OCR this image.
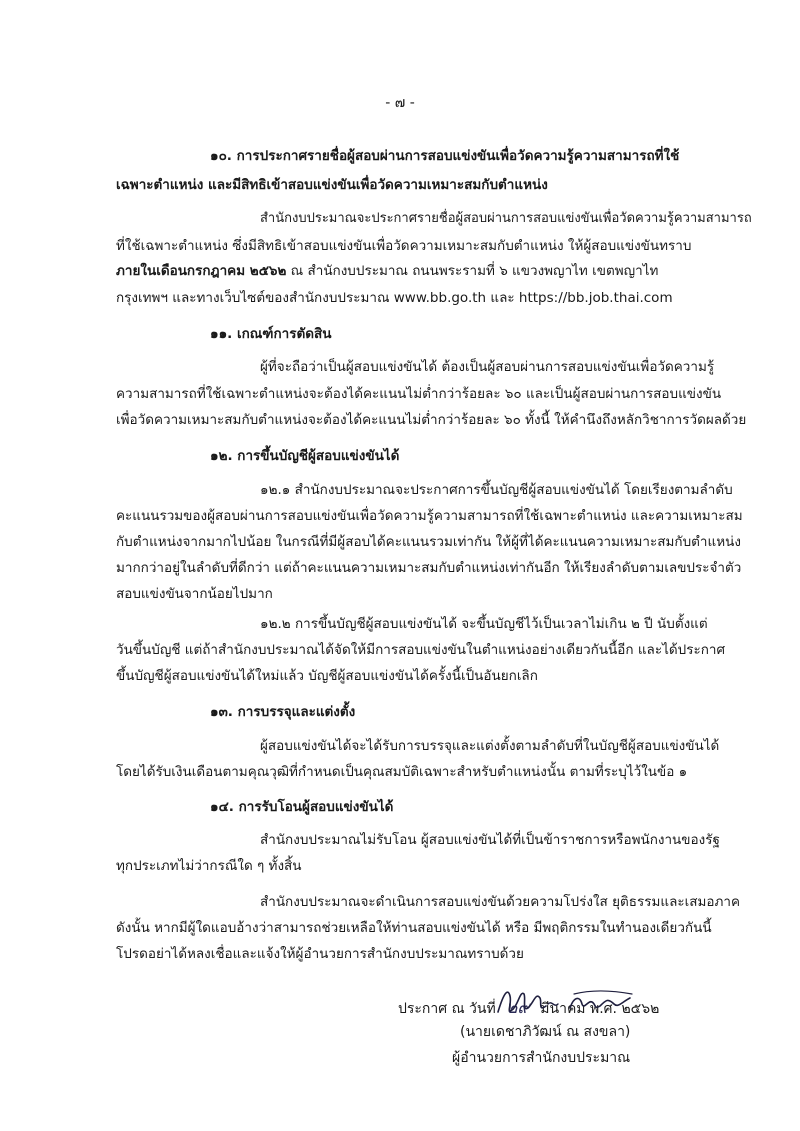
- ๗ -
๑๐. การประกาศรายชื่อผู้สอบผ่านการสอบแข่งขันเพื่อวัดความรู้ความสามารถที่ใช้
เฉพาะตำแหน่ง และมีสิทธิเข้าสอบแข่งขันเพื่อวัดความเหมาะสมกับตำแหน่ง
สำนักงบประมาณจะประกาศรายชื่อผู้สอบผ่านการสอบแข่งขันเพื่อวัดความรู้ความสามารถ
ที่ใช้เฉพาะตำแหน่ง ซึ่งมีสิทธิเข้าสอบแข่งขันเพื่อวัดความเหมาะสมกับตำแหน่ง ให้ผู้สอบแข่งขันทราบ
ภายในเดือนกรกฎาคม ๒๕๖๒ ณ สำนักงบประมาณ ถนนพระรามที่ ๖ แขวงพญาไท เขตพญาไท
กรุงเทพฯ และทางเว็บไซต์ของสำนักงบประมาณ www.bb.go.th และ https://bb.job.thai.com
๑๑. เกณฑ์การตัดสิน
ผู้ที่จะถือว่าเป็นผู้สอบแข่งขันได้ ต้องเป็นผู้สอบผ่านการสอบแข่งขันเพื่อวัดความรู้
ความสามารถที่ใช้เฉพาะตำแหน่งจะต้องได้คะแนนไม่ต่ำกว่าร้อยละ ๖๐ และเป็นผู้สอบผ่านการสอบแข่งขัน
เพื่อวัดความเหมาะสมกับตำแหน่งจะต้องได้คะแนนไม่ต่ำกว่าร้อยละ ๖๐ ทั้งนี้ ให้คำนึงถึงหลักวิชาการวัดผลด้วย
๑๒. การขึ้นบัญชีผู้สอบแข่งขันได้
๑๒.๑ สำนักงบประมาณจะประกาศการขึ้นบัญชีผู้สอบแข่งขันได้ โดยเรียงตามลำดับ
คะแนนรวมของผู้สอบผ่านการสอบแข่งขันเพื่อวัดความรู้ความสามารถที่ใช้เฉพาะตำแหน่ง และความเหมาะสม
กับตำแหน่งจากมากไปน้อย ในกรณีที่มีผู้สอบได้คะแนนรวมเท่ากัน ให้ผู้ที่ได้คะแนนความเหมาะสมกับตำแหน่ง
มากกว่าอยู่ในลำดับที่ดีกว่า แต่ถ้าคะแนนความเหมาะสมกับตำแหน่งเท่ากันอีก ให้เรียงลำดับตามเลขประจำตัว
สอบแข่งขันจากน้อยไปมาก
๑๒.๒ การขึ้นบัญชีผู้สอบแข่งขันได้ จะขึ้นบัญชีไว้เป็นเวลาไม่เกิน ๒ ปี นับตั้งแต่
วันขึ้นบัญชี แต่ถ้าสำนักงบประมาณได้จัดให้มีการสอบแข่งขันในตำแหน่งอย่างเดียวกันนี้อีก และได้ประกาศ
ขึ้นบัญชีผู้สอบแข่งขันได้ใหม่แล้ว บัญชีผู้สอบแข่งขันได้ครั้งนี้เป็นอันยกเลิก
๑๓. การบรรจุและแต่งตั้ง
ผู้สอบแข่งขันได้จะได้รับการบรรจุและแต่งตั้งตามลำดับที่ในบัญชีผู้สอบแข่งขันได้
โดยได้รับเงินเดือนตามคุณวุฒิที่กำหนดเป็นคุณสมบัติเฉพาะสำหรับตำแหน่งนั้น ตามที่ระบุไว้ในข้อ ๑
๑๔. การรับโอนผู้สอบแข่งขันได้
สำนักงบประมาณไม่รับโอน ผู้สอบแข่งขันได้ที่เป็นข้าราชการหรือพนักงานของรัฐ
ทุกประเภทไม่ว่ากรณีใด ๆ ทั้งสิ้น
สำนักงบประมาณจะดำเนินการสอบแข่งขันด้วยความโปร่งใส ยุติธรรมและเสมอภาค
ดังนั้น หากมีผู้ใดแอบอ้างว่าสามารถช่วยเหลือให้ท่านสอบแข่งขันได้ หรือ มีพฤติกรรมในทำนองเดียวกันนี้
โปรดอย่าได้หลงเชื่อและแจ้งให้ผู้อำนวยการสำนักงบประมาณทราบด้วย
ประกาศ ณ วันที่ ๒๙ มีนาคม พ.ศ. ๒๕๖๒
(นายเดชาภิวัฒน์ ณ สงขลา)
ผู้อำนวยการสำนักงบประมาณ
